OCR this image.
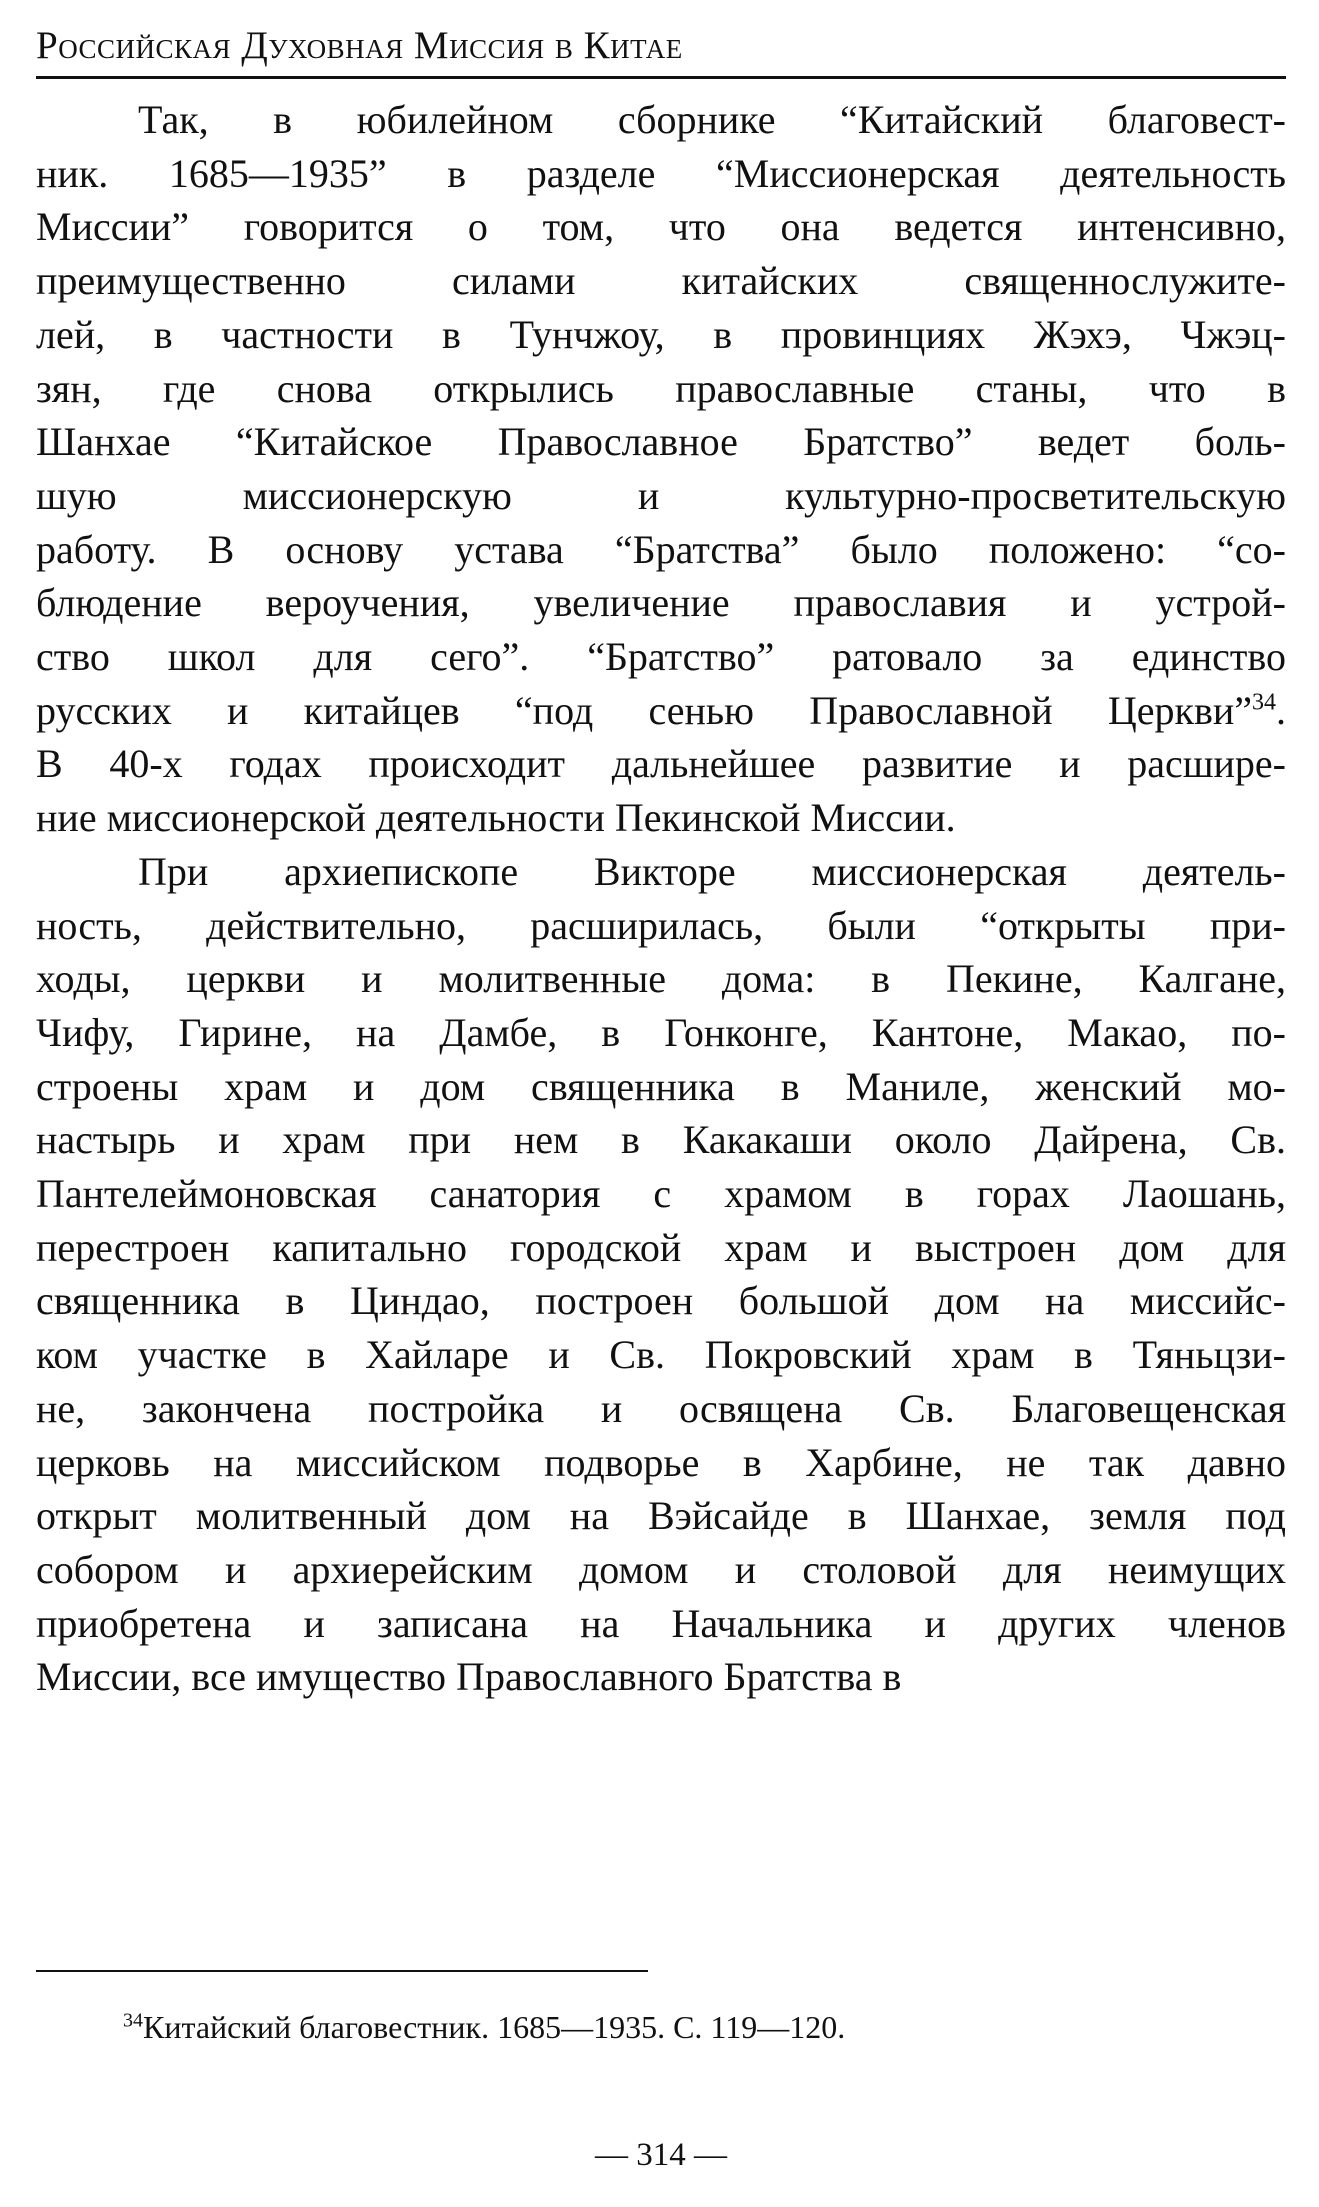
Российская Духовная Миссия в Китае

Так, в юбилейном сборнике “Китайский благовест-
ник. 1685—1935” в разделе “Миссионерская деятельность
Миссии” говорится о том, что она ведется интенсивно,
преимущественно силами китайских священнослужите-
лей, в частности в Тунчжоу, в провинциях Жэхэ, Чжэц-
зян, где снова открылись православные станы, что в
Шанхае “Китайское Православное Братство” ведет боль-
шую миссионерскую и культурно-просветительскую
работу. В основу устава “Братства” было положено: “со-
блюдение вероучения, увеличение православия и устрой-
ство школ для сего”. “Братство” ратовало за единство
русских и китайцев “под сенью Православной Церкви”$^{34}$.
В 40-х годах происходит дальнейшее развитие и расшире-
ние миссионерской деятельности Пекинской Миссии.

При архиепископе Викторе миссионерская деятель-
ность, действительно, расширилась, были “открыты при-
ходы, церкви и молитвенные дома: в Пекине, Калгане,
Чифу, Гирине, на Дамбе, в Гонконге, Кантоне, Макао, по-
строены храм и дом священника в Маниле, женский мо-
настырь и храм при нем в Какакаши около Дайрена, Св.
Пантелеймоновская санатория с храмом в горах Лаошань,
перестроен капитально городской храм и выстроен дом для
священника в Циндао, построен большой дом на миссийс-
ком участке в Хайларе и Св. Покровский храм в Тяньцзи-
не, закончена постройка и освящена Св. Благовещенская
церковь на миссийском подворье в Харбине, не так давно
открыт молитвенный дом на Вэйсайде в Шанхае, земля под
собором и архиерейским домом и столовой для неимущих
приобретена и записана на Начальника и других членов
Миссии, все имущество Православного Братства в

$^{34}$Китайский благовестник. 1685—1935. С. 119—120.
— 314 —
